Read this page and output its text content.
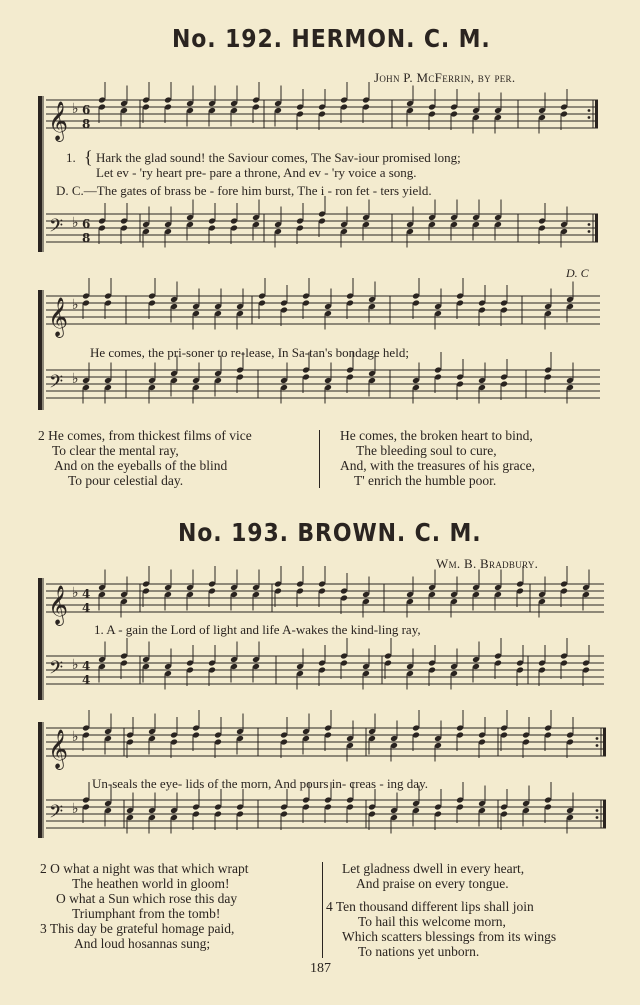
No. 192. HERMON. C. M.
John P. McFerrin, by per.
𝄞 ♭ 6
8
𝄢 ♭ 6
8
𝄞 ♭
𝄢 ♭
𝄞 ♭ 4
4
𝄢 ♭ 4
4
𝄞 ♭
𝄢 ♭
1. { Hark the glad sound! the Saviour comes, The Sav-iour promised long;
Let ev - 'ry heart pre- pare a throne, And ev - 'ry voice a song.
D. C.—The gates of brass be - fore him burst, The i - ron fet - ters yield.
D. C
He comes, the pri-soner to re-lease, In Sa-tan's bondage held;
2 He comes, from thickest films of vice
To clear the mental ray,
And on the eyeballs of the blind
To pour celestial day.
He comes, the broken heart to bind,
The bleeding soul to cure,
And, with the treasures of his grace,
T' enrich the humble poor.
No. 193. BROWN. C. M.
Wm. B. Bradbury.
1. A - gain the Lord of light and life A-wakes the kind-ling ray,
Un-seals the eye- lids of the morn, And pours in- creas - ing day.
2 O what a night was that which wrapt
The heathen world in gloom!
O what a Sun which rose this day
Triumphant from the tomb!
3 This day be grateful homage paid,
And loud hosannas sung;
Let gladness dwell in every heart,
And praise on every tongue.
4 Ten thousand different lips shall join
To hail this welcome morn,
Which scatters blessings from its wings
To nations yet unborn.
187
